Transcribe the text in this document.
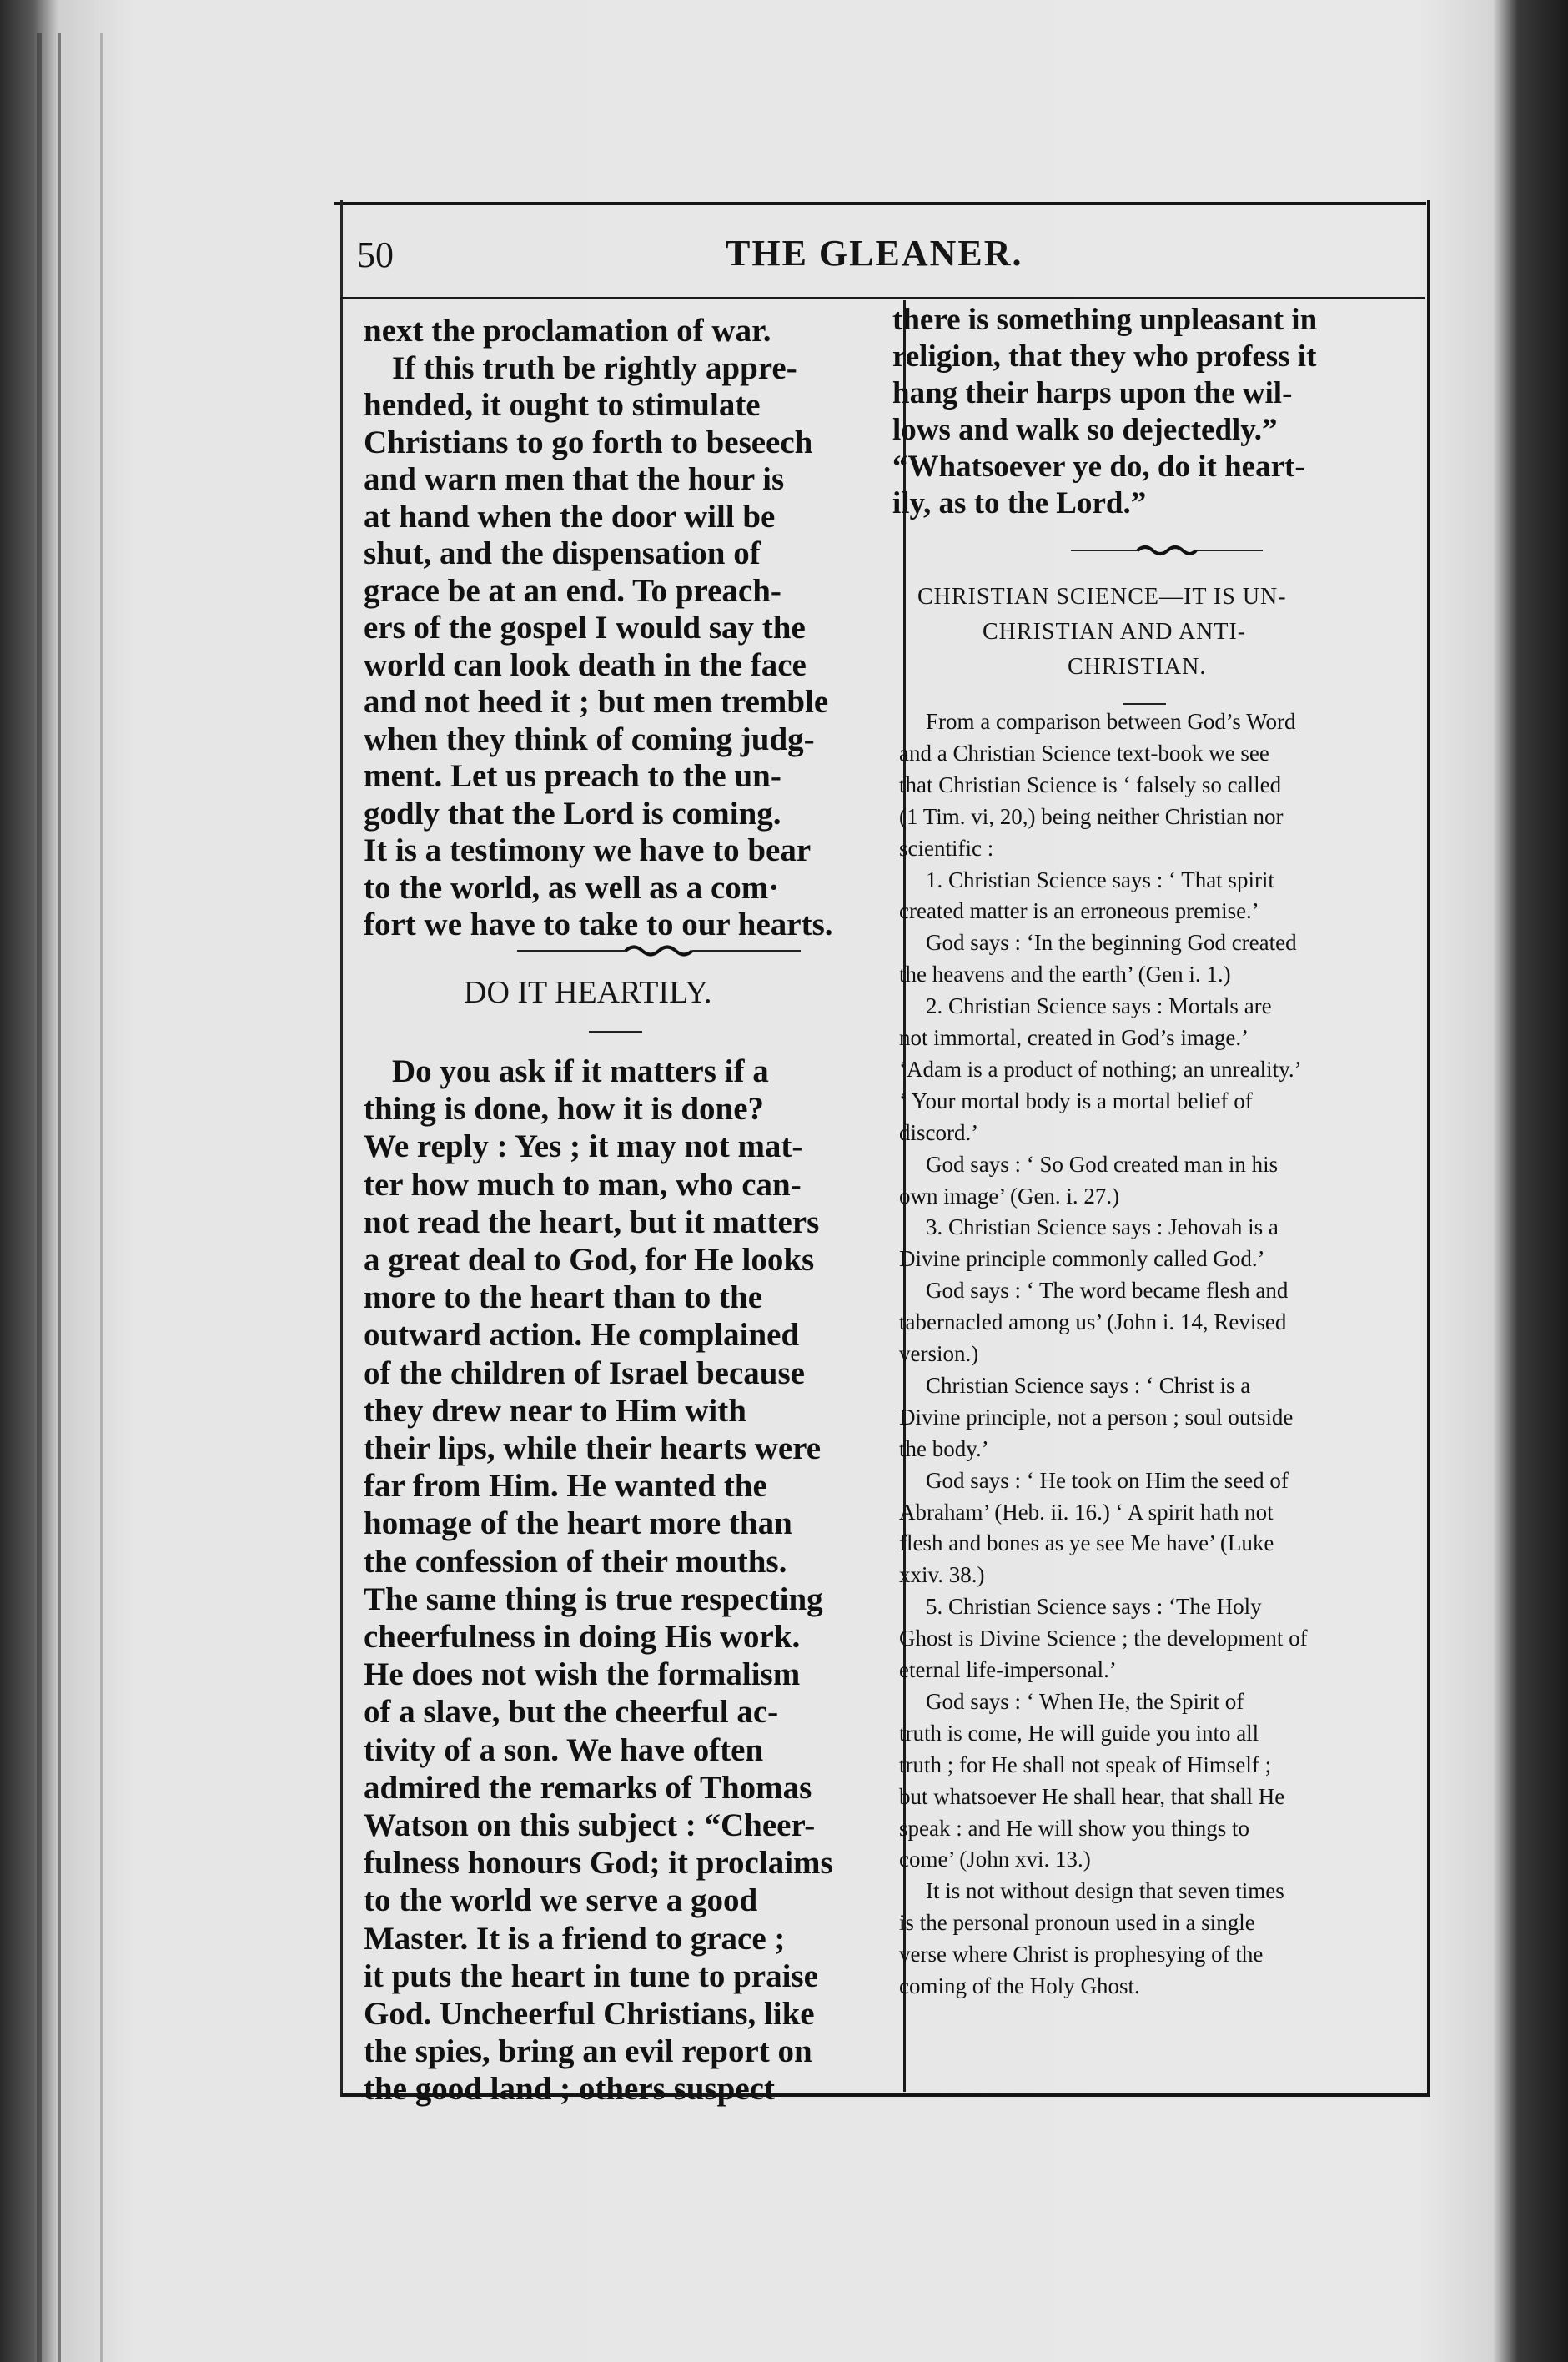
50	THE GLEANER.
next the proclamation of war.
If this truth be rightly appre-
hended, it ought to stimulate
Christians to go forth to beseech
and warn men that the hour is
at hand when the door will be
shut, and the dispensation of
grace be at an end. To preach-
ers of the gospel I would say the
world can look death in the face
and not heed it ; but men tremble
when they think of coming judg-
ment. Let us preach to the un-
godly that the Lord is coming.
It is a testimony we have to bear
to the world, as well as a com·
fort we have to take to our hearts.
Do you ask if it matters if a
thing is done, how it is done?
We reply : Yes ; it may not mat-
ter how much to man, who can-
not read the heart, but it matters
a great deal to God, for He looks
more to the heart than to the
outward action. He complained
of the children of Israel because
they drew near to Him with
their lips, while their hearts were
far from Him. He wanted the
homage of the heart more than
the confession of their mouths.
The same thing is true respecting
cheerfulness in doing His work.
He does not wish the formalism
of a slave, but the cheerful ac-
tivity of a son. We have often
admired the remarks of Thomas
Watson on this subject : “Cheer-
fulness honours God; it proclaims
to the world we serve a good
Master. It is a friend to grace ;
it puts the heart in tune to praise
God. Uncheerful Christians, like
the spies, bring an evil report on
the good land ; others suspect
there is something unpleasant in
religion, that they who profess it
hang their harps upon the wil-
lows and walk so dejectedly.”
“Whatsoever ye do, do it heart-
ily, as to the Lord.”
From a comparison between God’s Word
and a Christian Science text-book we see
that Christian Science is ‘ falsely so called
(1 Tim. vi, 20,) being neither Christian nor
scientific :
1. Christian Science says : ‘ That spirit
created matter is an erroneous premise.’
God says : ‘In the beginning God created
the heavens and the earth’ (Gen i. 1.)
2. Christian Science says : Mortals are
not immortal, created in God’s image.’
‘Adam is a product of nothing; an unreality.’
‘ Your mortal body is a mortal belief of
discord.’
God says : ‘ So God created man in his
own image’ (Gen. i. 27.)
3. Christian Science says : Jehovah is a
Divine principle commonly called God.’
God says : ‘ The word became flesh and
tabernacled among us’ (John i. 14, Revised
version.)
Christian Science says : ‘ Christ is a
Divine principle, not a person ; soul outside
the body.’
God says : ‘ He took on Him the seed of
Abraham’ (Heb. ii. 16.) ‘ A spirit hath not
flesh and bones as ye see Me have’ (Luke
xxiv. 38.)
5. Christian Science says : ‘The Holy
Ghost is Divine Science ; the development of
eternal life-impersonal.’
God says : ‘ When He, the Spirit of
truth is come, He will guide you into all
truth ; for He shall not speak of Himself ;
but whatsoever He shall hear, that shall He
speak : and He will show you things to
come’ (John xvi. 13.)
It is not without design that seven times
is the personal pronoun used in a single
verse where Christ is prophesying of the
coming of the Holy Ghost.
DO IT HEARTILY.
CHRISTIAN SCIENCE—IT IS UN-
CHRISTIAN AND ANTI-
CHRISTIAN.
